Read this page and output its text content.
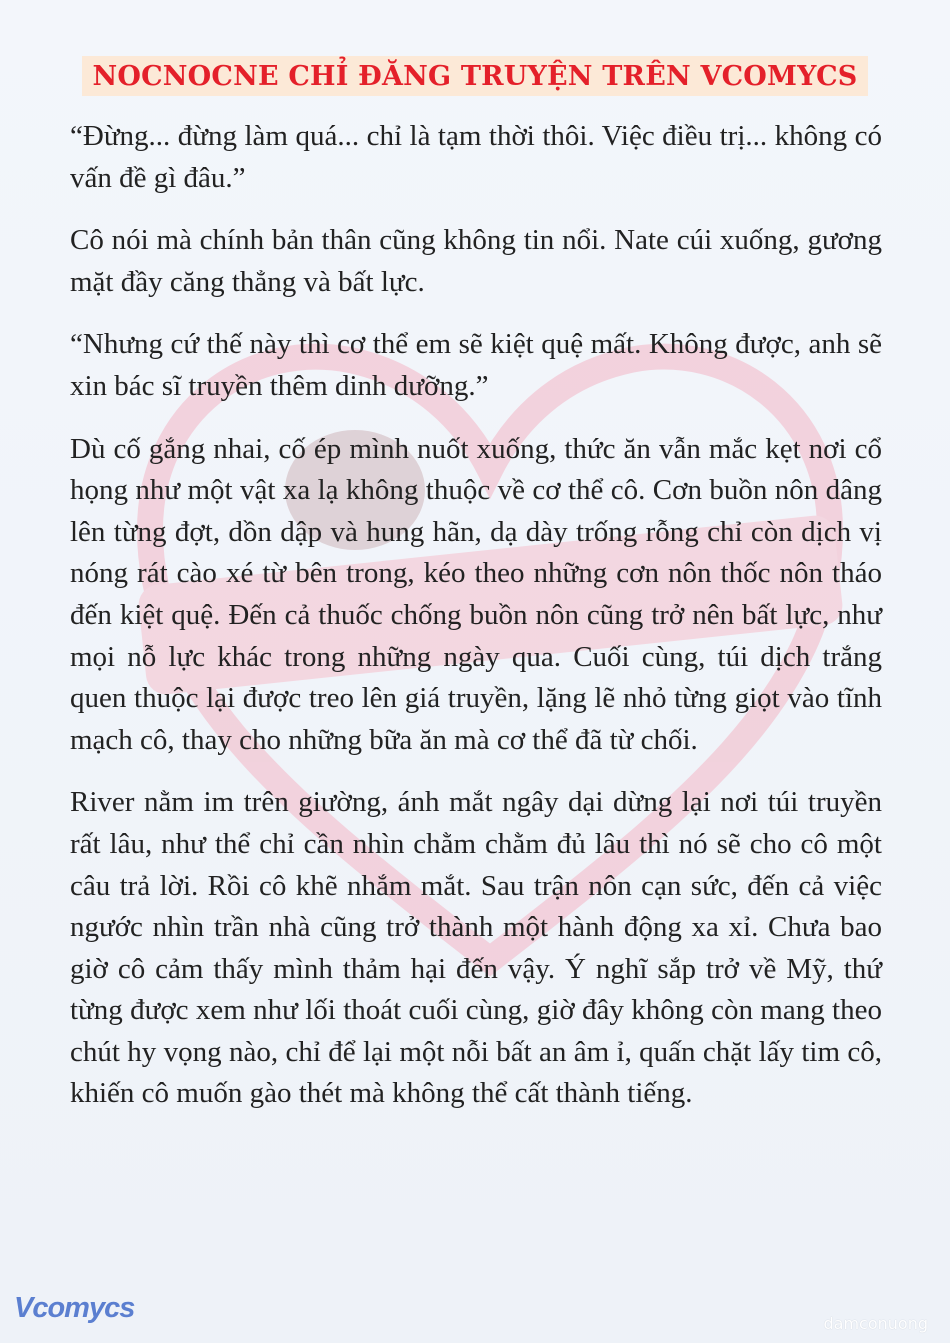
NOCNOCNE CHỈ ĐĂNG TRUYỆN TRÊN VCOMYCS

“Đừng... đừng làm quá... chỉ là tạm thời thôi. Việc điều trị... không có vấn đề gì đâu.”

Cô nói mà chính bản thân cũng không tin nổi. Nate cúi xuống, gương mặt đầy căng thẳng và bất lực.

“Nhưng cứ thế này thì cơ thể em sẽ kiệt quệ mất. Không được, anh sẽ xin bác sĩ truyền thêm dinh dưỡng.”

Dù cố gắng nhai, cố ép mình nuốt xuống, thức ăn vẫn mắc kẹt nơi cổ họng như một vật xa lạ không thuộc về cơ thể cô. Cơn buồn nôn dâng lên từng đợt, dồn dập và hung hãn, dạ dày trống rỗng chỉ còn dịch vị nóng rát cào xé từ bên trong, kéo theo những cơn nôn thốc nôn tháo đến kiệt quệ. Đến cả thuốc chống buồn nôn cũng trở nên bất lực, như mọi nỗ lực khác trong những ngày qua. Cuối cùng, túi dịch trắng quen thuộc lại được treo lên giá truyền, lặng lẽ nhỏ từng giọt vào tĩnh mạch cô, thay cho những bữa ăn mà cơ thể đã từ chối.

River nằm im trên giường, ánh mắt ngây dại dừng lại nơi túi truyền rất lâu, như thể chỉ cần nhìn chằm chằm đủ lâu thì nó sẽ cho cô một câu trả lời. Rồi cô khẽ nhắm mắt. Sau trận nôn cạn sức, đến cả việc ngước nhìn trần nhà cũng trở thành một hành động xa xỉ. Chưa bao giờ cô cảm thấy mình thảm hại đến vậy. Ý nghĩ sắp trở về Mỹ, thứ từng được xem như lối thoát cuối cùng, giờ đây không còn mang theo chút hy vọng nào, chỉ để lại một nỗi bất an âm ỉ, quấn chặt lấy tim cô, khiến cô muốn gào thét mà không thể cất thành tiếng.

Vcomycs	damconuong
